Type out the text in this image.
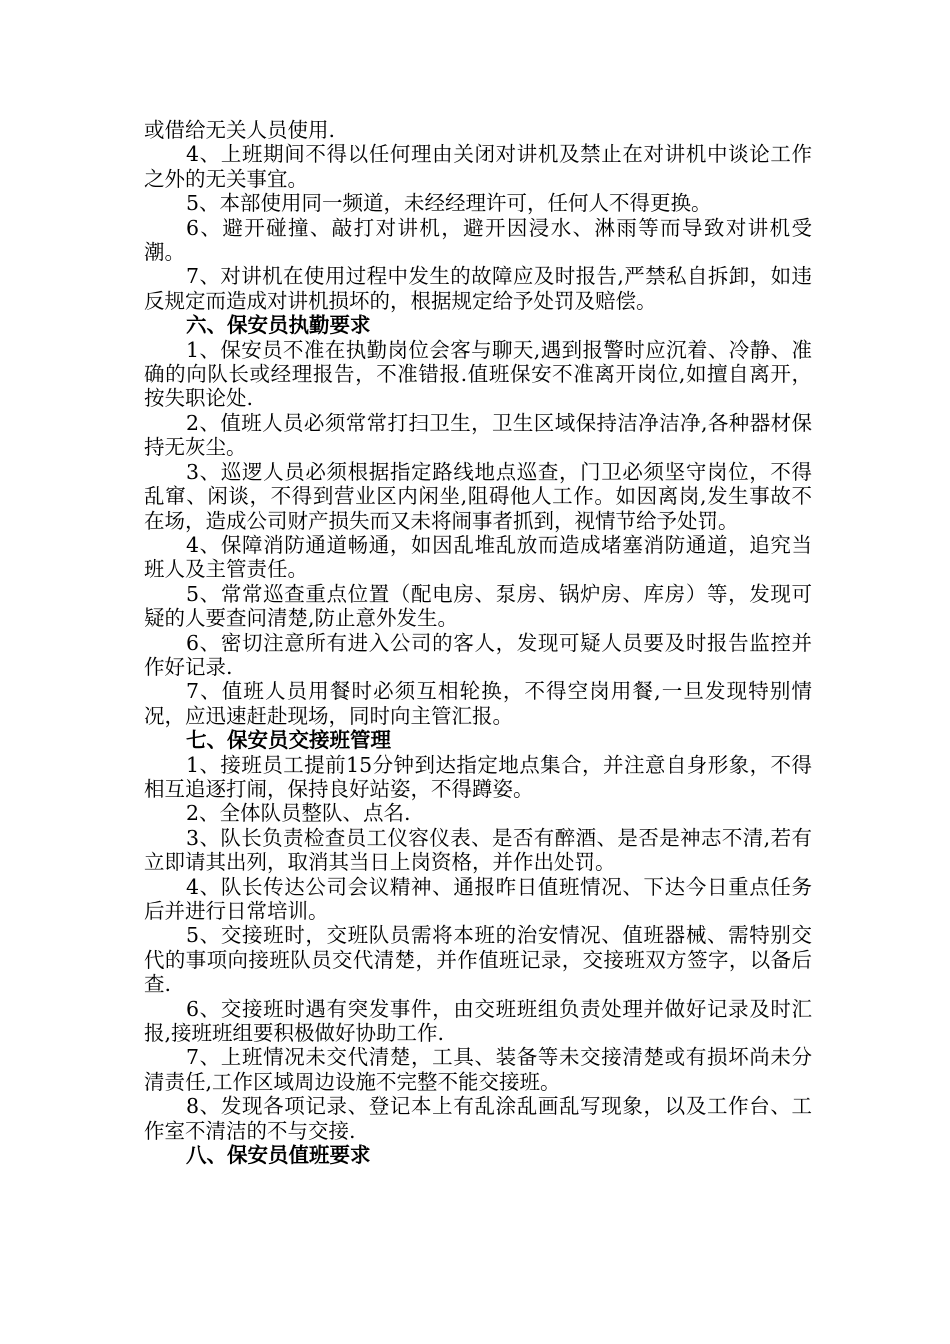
或借给无关人员使用.

4、上班期间不得以任何理由关闭对讲机及禁止在对讲机中谈论工作之外的无关事宜。

5、本部使用同一频道，未经经理许可，任何人不得更换。

6、避开碰撞、敲打对讲机，避开因浸水、淋雨等而导致对讲机受潮。

7、对讲机在使用过程中发生的故障应及时报告,严禁私自拆卸，如违反规定而造成对讲机损坏的，根据规定给予处罚及赔偿。

六、保安员执勤要求

1、保安员不准在执勤岗位会客与聊天,遇到报警时应沉着、冷静、准确的向队长或经理报告，不准错报.值班保安不准离开岗位,如擅自离开，按失职论处.

2、值班人员必须常常打扫卫生，卫生区域保持洁净洁净,各种器材保持无灰尘。

3、巡逻人员必须根据指定路线地点巡查，门卫必须坚守岗位，不得乱窜、闲谈，不得到营业区内闲坐,阻碍他人工作。如因离岗,发生事故不在场，造成公司财产损失而又未将闹事者抓到，视情节给予处罚。

4、保障消防通道畅通，如因乱堆乱放而造成堵塞消防通道，追究当班人及主管责任。

5、常常巡查重点位置（配电房、泵房、锅炉房、库房）等，发现可疑的人要查问清楚,防止意外发生。

6、密切注意所有进入公司的客人，发现可疑人员要及时报告监控并作好记录.

7、值班人员用餐时必须互相轮换，不得空岗用餐,一旦发现特别情况，应迅速赶赴现场，同时向主管汇报。

七、保安员交接班管理

1、接班员工提前15分钟到达指定地点集合，并注意自身形象，不得相互追逐打闹，保持良好站姿，不得蹲姿。

2、全体队员整队、点名.

3、队长负责检查员工仪容仪表、是否有醉酒、是否是神志不清,若有立即请其出列，取消其当日上岗资格，并作出处罚。

4、队长传达公司会议精神、通报昨日值班情况、下达今日重点任务后并进行日常培训。

5、交接班时，交班队员需将本班的治安情况、值班器械、需特别交代的事项向接班队员交代清楚，并作值班记录，交接班双方签字，以备后查.

6、交接班时遇有突发事件，由交班班组负责处理并做好记录及时汇报,接班班组要积极做好协助工作.

7、上班情况未交代清楚，工具、装备等未交接清楚或有损坏尚未分清责任,工作区域周边设施不完整不能交接班。

8、发现各项记录、登记本上有乱涂乱画乱写现象，以及工作台、工作室不清洁的不与交接.

八、保安员值班要求
